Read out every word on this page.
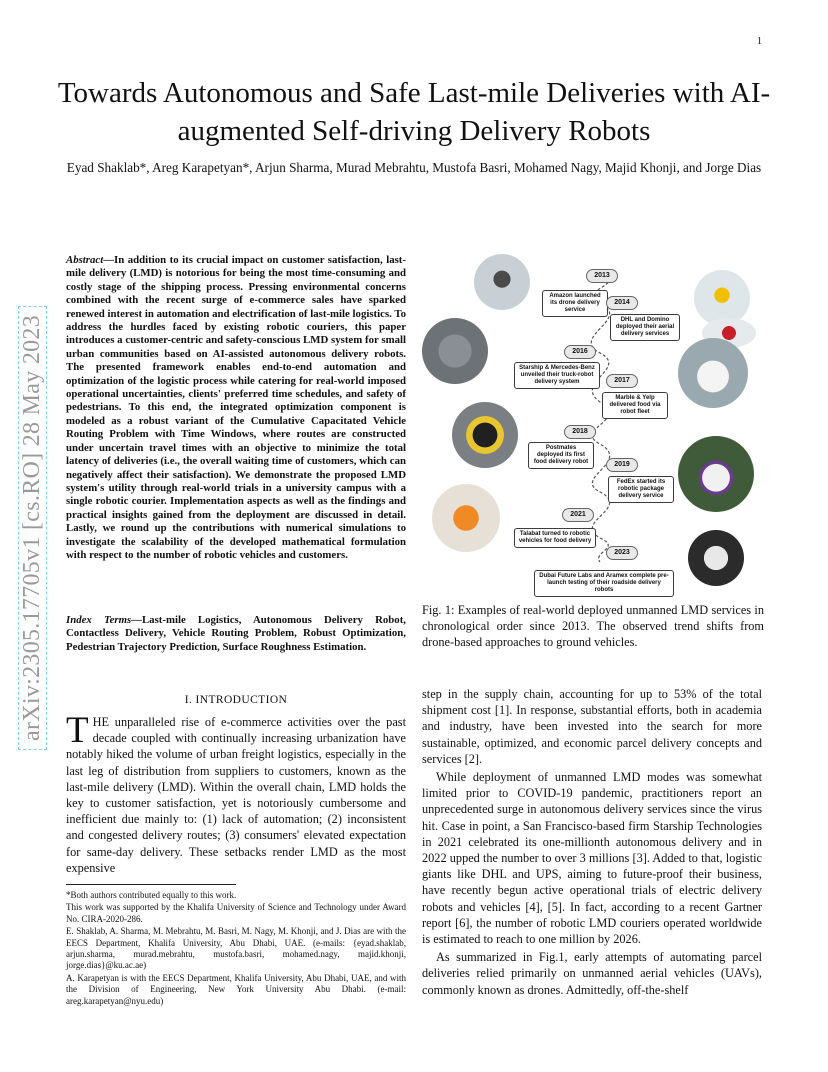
1
Towards Autonomous and Safe Last-mile Deliveries with AI-augmented Self-driving Delivery Robots
Eyad Shaklab*, Areg Karapetyan*, Arjun Sharma, Murad Mebrahtu, Mustofa Basri, Mohamed Nagy, Majid Khonji, and Jorge Dias
arXiv:2305.17705v1 [cs.RO] 28 May 2023
Abstract—In addition to its crucial impact on customer satisfaction, last-mile delivery (LMD) is notorious for being the most time-consuming and costly stage of the shipping process. Pressing environmental concerns combined with the recent surge of e-commerce sales have sparked renewed interest in automation and electrification of last-mile logistics. To address the hurdles faced by existing robotic couriers, this paper introduces a customer-centric and safety-conscious LMD system for small urban communities based on AI-assisted autonomous delivery robots. The presented framework enables end-to-end automation and optimization of the logistic process while catering for real-world imposed operational uncertainties, clients' preferred time schedules, and safety of pedestrians. To this end, the integrated optimization component is modeled as a robust variant of the Cumulative Capacitated Vehicle Routing Problem with Time Windows, where routes are constructed under uncertain travel times with an objective to minimize the total latency of deliveries (i.e., the overall waiting time of customers, which can negatively affect their satisfaction). We demonstrate the proposed LMD system's utility through real-world trials in a university campus with a single robotic courier. Implementation aspects as well as the findings and practical insights gained from the deployment are discussed in detail. Lastly, we round up the contributions with numerical simulations to investigate the scalability of the developed mathematical formulation with respect to the number of robotic vehicles and customers.
Index Terms—Last-mile Logistics, Autonomous Delivery Robot, Contactless Delivery, Vehicle Routing Problem, Robust Optimization, Pedestrian Trajectory Prediction, Surface Roughness Estimation.
I. INTRODUCTION
THE unparalleled rise of e-commerce activities over the past decade coupled with continually increasing urbanization have notably hiked the volume of urban freight logistics, especially in the last leg of distribution from suppliers to customers, known as the last-mile delivery (LMD). Within the overall chain, LMD holds the key to customer satisfaction, yet is notoriously cumbersome and inefficient due mainly to: (1) lack of automation; (2) inconsistent and congested delivery routes; (3) consumers' elevated expectation for same-day delivery. These setbacks render LMD as the most expensive

*Both authors contributed equally to this work.

This work was supported by the Khalifa University of Science and Technology under Award No. CIRA-2020-286.

E. Shaklab, A. Sharma, M. Mebrahtu, M. Basri, M. Nagy, M. Khonji, and J. Dias are with the EECS Department, Khalifa University, Abu Dhabi, UAE. (e-mails: {eyad.shaklab, arjun.sharma, murad.mebrahtu, mustofa.basri, mohamed.nagy, majid.khonji, jorge.dias}@ku.ac.ae)

A. Karapetyan is with the EECS Department, Khalifa University, Abu Dhabi, UAE, and with the Division of Engineering, New York University Abu Dhabi. (e-mail: areg.karapetyan@nyu.edu)

2013
Amazon launched its drone delivery service
2014
DHL and Domino deployed their aerial delivery services
2016
Starship & Mercedes-Benz unveiled their truck-robot delivery system	2017
Marble & Yelp delivered food via robot fleet
2018
Postmates deployed its first food delivery robot	2019
FedEx started its robotic package delivery service
2021
Talabat turned to robotic vehicles for food delivery
2023
Dubai Future Labs and Aramex complete pre-launch testing of their roadside delivery robots
Fig. 1: Examples of real-world deployed unmanned LMD services in chronological order since 2013. The observed trend shifts from drone-based approaches to ground vehicles.

step in the supply chain, accounting for up to 53% of the total shipment cost [1]. In response, substantial efforts, both in academia and industry, have been invested into the search for more sustainable, optimized, and economic parcel delivery concepts and services [2].

While deployment of unmanned LMD modes was somewhat limited prior to COVID-19 pandemic, practitioners report an unprecedented surge in autonomous delivery services since the virus hit. Case in point, a San Francisco-based firm Starship Technologies in 2021 celebrated its one-millionth autonomous delivery and in 2022 upped the number to over 3 millions [3]. Added to that, logistic giants like DHL and UPS, aiming to future-proof their business, have recently begun active operational trials of electric delivery robots and vehicles [4], [5]. In fact, according to a recent Gartner report [6], the number of robotic LMD couriers operated worldwide is estimated to reach to one million by 2026.

As summarized in Fig.1, early attempts of automating parcel deliveries relied primarily on unmanned aerial vehicles (UAVs), commonly known as drones. Admittedly, off-the-shelf
